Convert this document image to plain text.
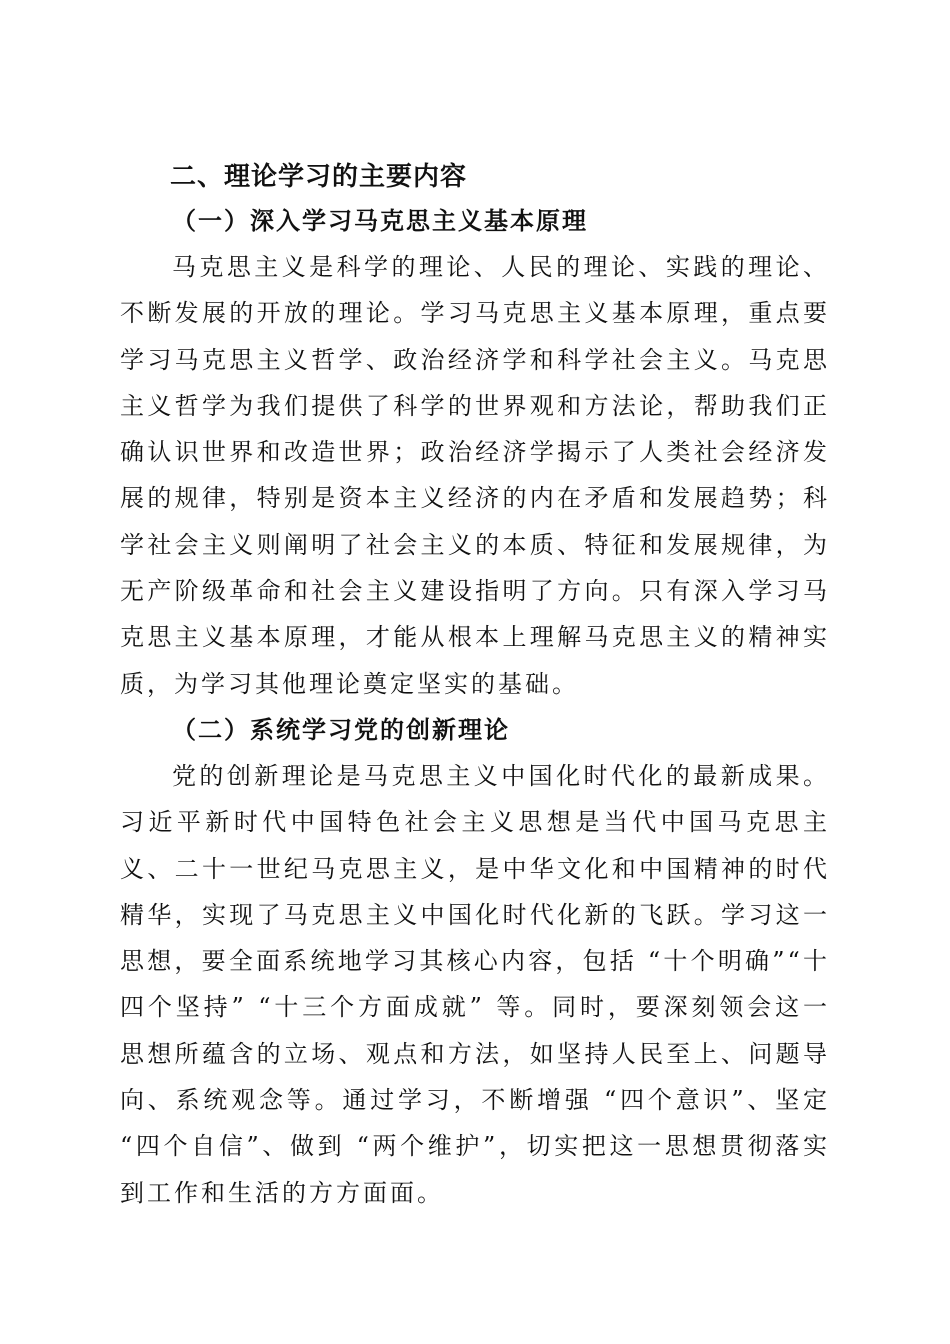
二、理论学习的主要内容
（一）深入学习马克思主义基本原理

马克思主义是科学的理论、人民的理论、实践的理论、不断发展的开放的理论。学习马克思主义基本原理，重点要学习马克思主义哲学、政治经济学和科学社会主义。马克思主义哲学为我们提供了科学的世界观和方法论，帮助我们正确认识世界和改造世界；政治经济学揭示了人类社会经济发展的规律，特别是资本主义经济的内在矛盾和发展趋势；科学社会主义则阐明了社会主义的本质、特征和发展规律，为无产阶级革命和社会主义建设指明了方向。只有深入学习马克思主义基本原理，才能从根本上理解马克思主义的精神实质，为学习其他理论奠定坚实的基础。

（二）系统学习党的创新理论

党的创新理论是马克思主义中国化时代化的最新成果。习近平新时代中国特色社会主义思想是当代中国马克思主义、二十一世纪马克思主义，是中华文化和中国精神的时代精华，实现了马克思主义中国化时代化新的飞跃。学习这一思想，要全面系统地学习其核心内容，包括 “十个明确”“十四个坚持” “十三个方面成就” 等。同时，要深刻领会这一思想所蕴含的立场、观点和方法，如坚持人民至上、问题导向、系统观念等。通过学习，不断增强 “四个意识”、坚定 “四个自信”、做到 “两个维护”，切实把这一思想贯彻落实到工作和生活的方方面面。
